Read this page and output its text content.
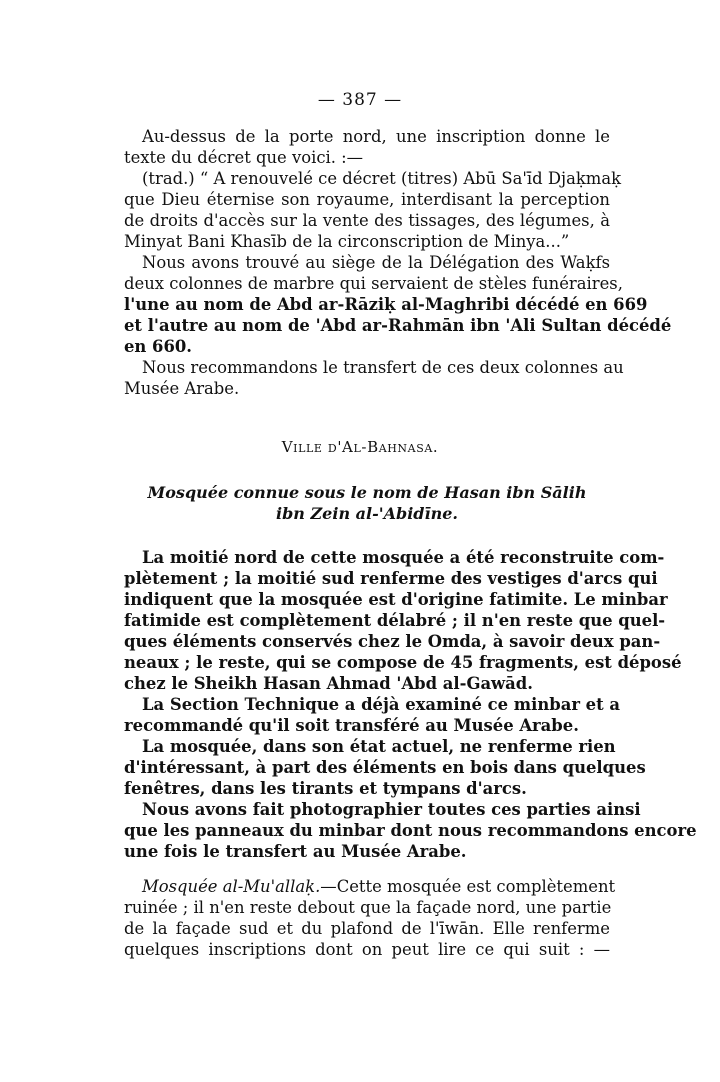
— 387 —
Au-dessus de la porte nord, une inscription donne le
texte du décret que voici. :—
(trad.) “ A renouvelé ce décret (titres) Abū Sa'īd Djaḳmaḳ
que Dieu éternise son royaume, interdisant la perception
de droits d'accès sur la vente des tissages, des légumes, à
Minyat Bani Khasīb de la circonscription de Minya...”
Nous avons trouvé au siège de la Délégation des Waḳfs
deux colonnes de marbre qui servaient de stèles funéraires,
l'une au nom de Abd ar-Rāziḳ al-Maghribi décédé en 669
et l'autre au nom de 'Abd ar-Rahmān ibn 'Ali Sultan décédé
en 660.
Nous recommandons le transfert de ces deux colonnes au
Musée Arabe.
Ville d'Al-Bahnasa.
Mosquée connue sous le nom de Hasan ibn Sālih
ibn Zein al-'Abidīne.
La moitié nord de cette mosquée a été reconstruite com-
plètement ; la moitié sud renferme des vestiges d'arcs qui
indiquent que la mosquée est d'origine fatimite. Le minbar
fatimide est complètement délabré ; il n'en reste que quel-
ques éléments conservés chez le Omda, à savoir deux pan-
neaux ; le reste, qui se compose de 45 fragments, est déposé
chez le Sheikh Hasan Ahmad 'Abd al-Gawād.
La Section Technique a déjà examiné ce minbar et a
recommandé qu'il soit transféré au Musée Arabe.
La mosquée, dans son état actuel, ne renferme rien
d'intéressant, à part des éléments en bois dans quelques
fenêtres, dans les tirants et tympans d'arcs.
Nous avons fait photographier toutes ces parties ainsi
que les panneaux du minbar dont nous recommandons encore
une fois le transfert au Musée Arabe.
Mosquée al-Mu'allaḳ.—Cette mosquée est complètement
ruinée ; il n'en reste debout que la façade nord, une partie
de la façade sud et du plafond de l'īwān. Elle renferme
quelques inscriptions dont on peut lire ce qui suit : —
